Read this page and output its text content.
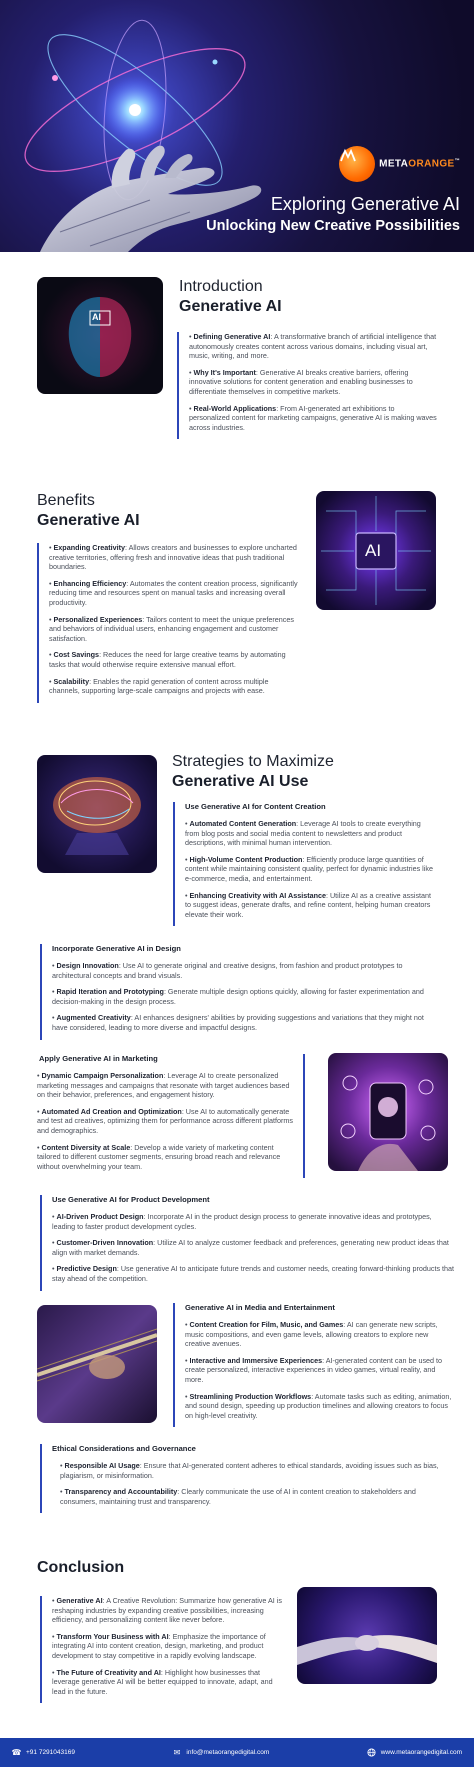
METAORANGE™
Exploring Generative AI
Unlocking New Creative Possibilities
AI
Introduction
Generative AI
• Defining Generative AI: A transformative branch of artificial intelligence that autonomously creates content across various domains, including visual art, music, writing, and more.
• Why It's Important: Generative AI breaks creative barriers, offering innovative solutions for content generation and enabling businesses to differentiate themselves in competitive markets.
• Real-World Applications: From AI-generated art exhibitions to personalized content for marketing campaigns, generative AI is making waves across industries.
Benefits
Generative AI
• Expanding Creativity: Allows creators and businesses to explore uncharted creative territories, offering fresh and innovative ideas that push traditional boundaries.
• Enhancing Efficiency: Automates the content creation process, significantly reducing time and resources spent on manual tasks and increasing overall productivity.
• Personalized Experiences: Tailors content to meet the unique preferences and behaviors of individual users, enhancing engagement and customer satisfaction.
• Cost Savings: Reduces the need for large creative teams by automating tasks that would otherwise require extensive manual effort.
• Scalability: Enables the rapid generation of content across multiple channels, supporting large-scale campaigns and projects with ease.
AI
Strategies to Maximize
Generative AI Use
Use Generative AI for Content Creation
• Automated Content Generation: Leverage AI tools to create everything from blog posts and social media content to newsletters and product descriptions, with minimal human intervention.
• High-Volume Content Production: Efficiently produce large quantities of content while maintaining consistent quality, perfect for dynamic industries like e-commerce, media, and entertainment.
• Enhancing Creativity with AI Assistance: Utilize AI as a creative assistant to suggest ideas, generate drafts, and refine content, helping human creators elevate their work.
Incorporate Generative AI in Design
• Design Innovation: Use AI to generate original and creative designs, from fashion and product prototypes to architectural concepts and brand visuals.
• Rapid Iteration and Prototyping: Generate multiple design options quickly, allowing for faster experimentation and decision-making in the design process.
• Augmented Creativity: AI enhances designers' abilities by providing suggestions and variations that they might not have considered, leading to more diverse and impactful designs.
Apply Generative AI in Marketing
• Dynamic Campaign Personalization: Leverage AI to create personalized marketing messages and campaigns that resonate with target audiences based on their behavior, preferences, and engagement history.
• Automated Ad Creation and Optimization: Use AI to automatically generate and test ad creatives, optimizing them for performance across different platforms and demographics.
• Content Diversity at Scale: Develop a wide variety of marketing content tailored to different customer segments, ensuring broad reach and relevance without overwhelming your team.
Use Generative AI for Product Development
• AI-Driven Product Design: Incorporate AI in the product design process to generate innovative ideas and prototypes, leading to faster product development cycles.
• Customer-Driven Innovation: Utilize AI to analyze customer feedback and preferences, generating new product ideas that align with market demands.
• Predictive Design: Use generative AI to anticipate future trends and customer needs, creating forward-thinking products that stay ahead of the competition.
Generative AI in Media and Entertainment
• Content Creation for Film, Music, and Games: AI can generate new scripts, music compositions, and even game levels, allowing creators to explore new creative avenues.
• Interactive and Immersive Experiences: AI-generated content can be used to create personalized, interactive experiences in video games, virtual reality, and more.
• Streamlining Production Workflows: Automate tasks such as editing, animation, and sound design, speeding up production timelines and allowing creators to focus on high-level creativity.
Ethical Considerations and Governance
• Responsible AI Usage: Ensure that AI-generated content adheres to ethical standards, avoiding issues such as bias, plagiarism, or misinformation.
• Transparency and Accountability: Clearly communicate the use of AI in content creation to stakeholders and consumers, maintaining trust and transparency.
Conclusion
• Generative AI: A Creative Revolution: Summarize how generative AI is reshaping industries by expanding creative possibilities, increasing efficiency, and personalizing content like never before.
• Transform Your Business with AI: Emphasize the importance of integrating AI into content creation, design, marketing, and product development to stay competitive in a rapidly evolving landscape.
• The Future of Creativity and AI: Highlight how businesses that leverage generative AI will be better equipped to innovate, adapt, and lead in the future.
☎ +91 7291043169	✉ info@metaorangedigital.com	www.metaorangedigital.com
